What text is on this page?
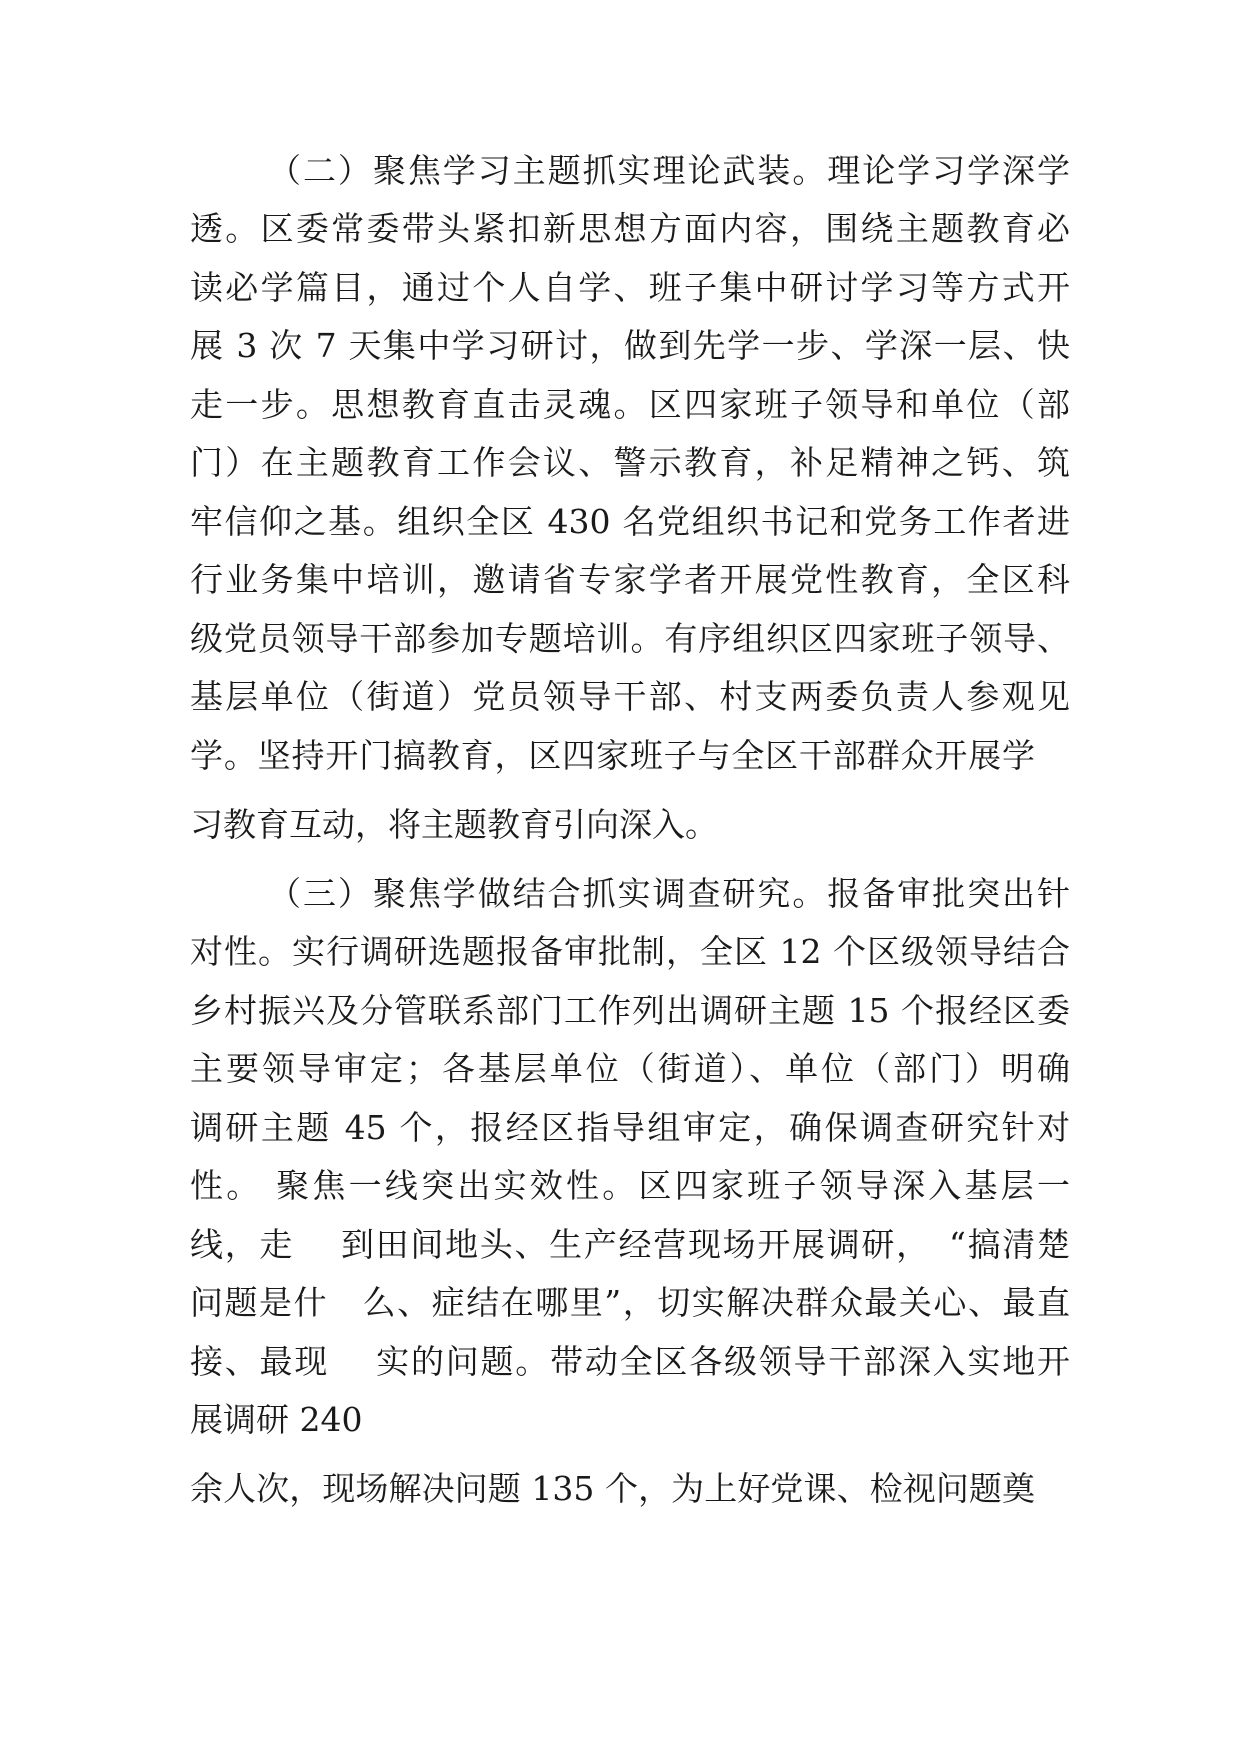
（二）聚焦学习主题抓实理论武装。理论学习学深学
透。区委常委带头紧扣新思想方面内容，围绕主题教育必
读必学篇目，通过个人自学、班子集中研讨学习等方式开
展 3 次 7 天集中学习研讨，做到先学一步、学深一层、快
走一步。思想教育直击灵魂。区四家班子领导和单位（部
门）在主题教育工作会议、警示教育，补足精神之钙、筑
牢信仰之基。组织全区 430 名党组织书记和党务工作者进
行业务集中培训，邀请省专家学者开展党性教育，全区科
级党员领导干部参加专题培训。有序组织区四家班子领导、
基层单位（街道）党员领导干部、村支两委负责人参观见
学。坚持开门搞教育，区四家班子与全区干部群众开展学
习教育互动，将主题教育引向深入。
（三）聚焦学做结合抓实调查研究。报备审批突出针
对性。实行调研选题报备审批制，全区 12 个区级领导结合
乡村振兴及分管联系部门工作列出调研主题 15 个报经区委
主要领导审定；各基层单位（街道）、单位（部门）明确
调研主题 45 个，报经区指导组审定，确保调查研究针对
性。 聚焦一线突出实效性。区四家班子领导深入基层一
线，走　 到田间地头、生产经营现场开展调研，　“搞清楚
问题是什　么、症结在哪里”，切实解决群众最关心、最直
接、最现　 实的问题。带动全区各级领导干部深入实地开
展调研 240
余人次，现场解决问题 135 个，为上好党课、检视问题奠
